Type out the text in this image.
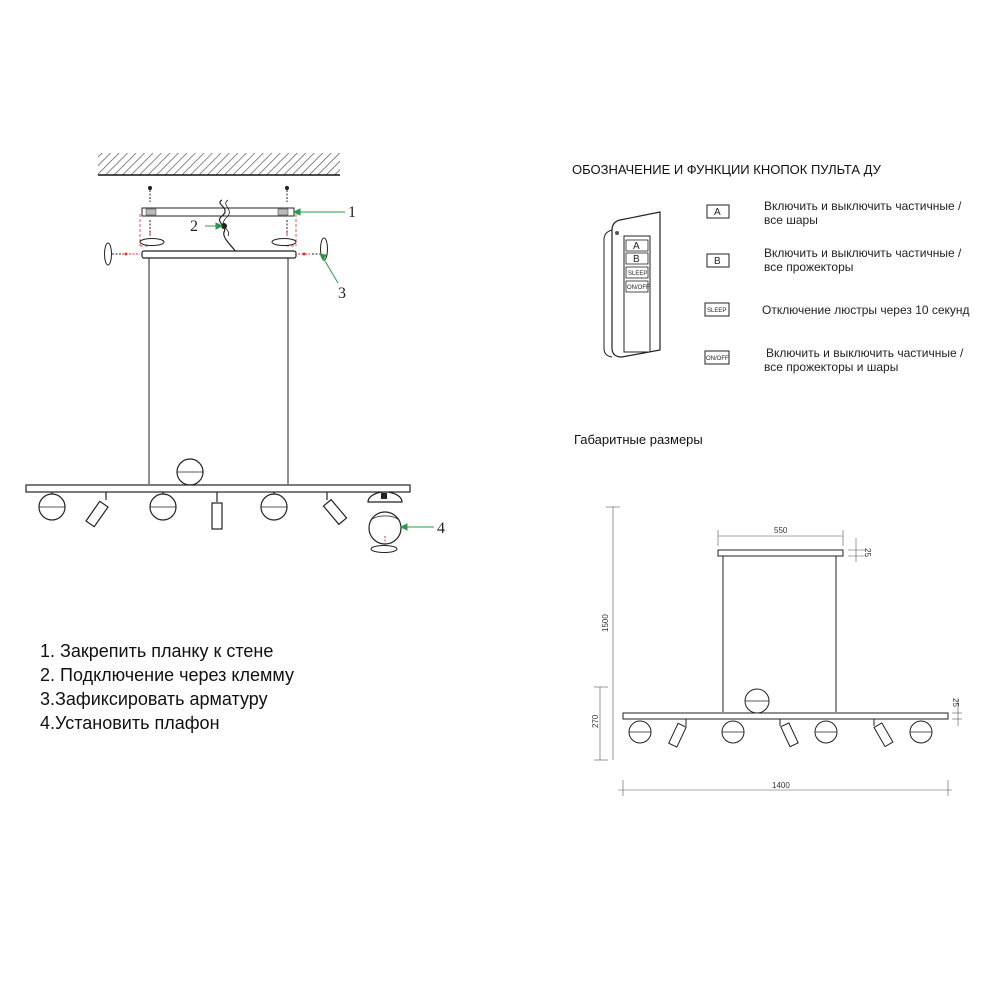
1
2
3
4
ОБОЗНАЧЕНИЕ И ФУНКЦИИ КНОПОК ПУЛЬТА ДУ
A
B
SLEEP
ON/OFF
A
B
SLEEP
ON/OFF
Включить и выключить частичные /
все шары
Включить и выключить частичные /
все прожекторы
Отключение люстры через 10 секунд
Включить и выключить частичные /
все прожекторы и шары
Габаритные размеры
550
25
25
1500
270
1400
1. Закрепить планку к стене
2. Подключение через клемму
3.Зафиксировать арматуру
4.Установить плафон
